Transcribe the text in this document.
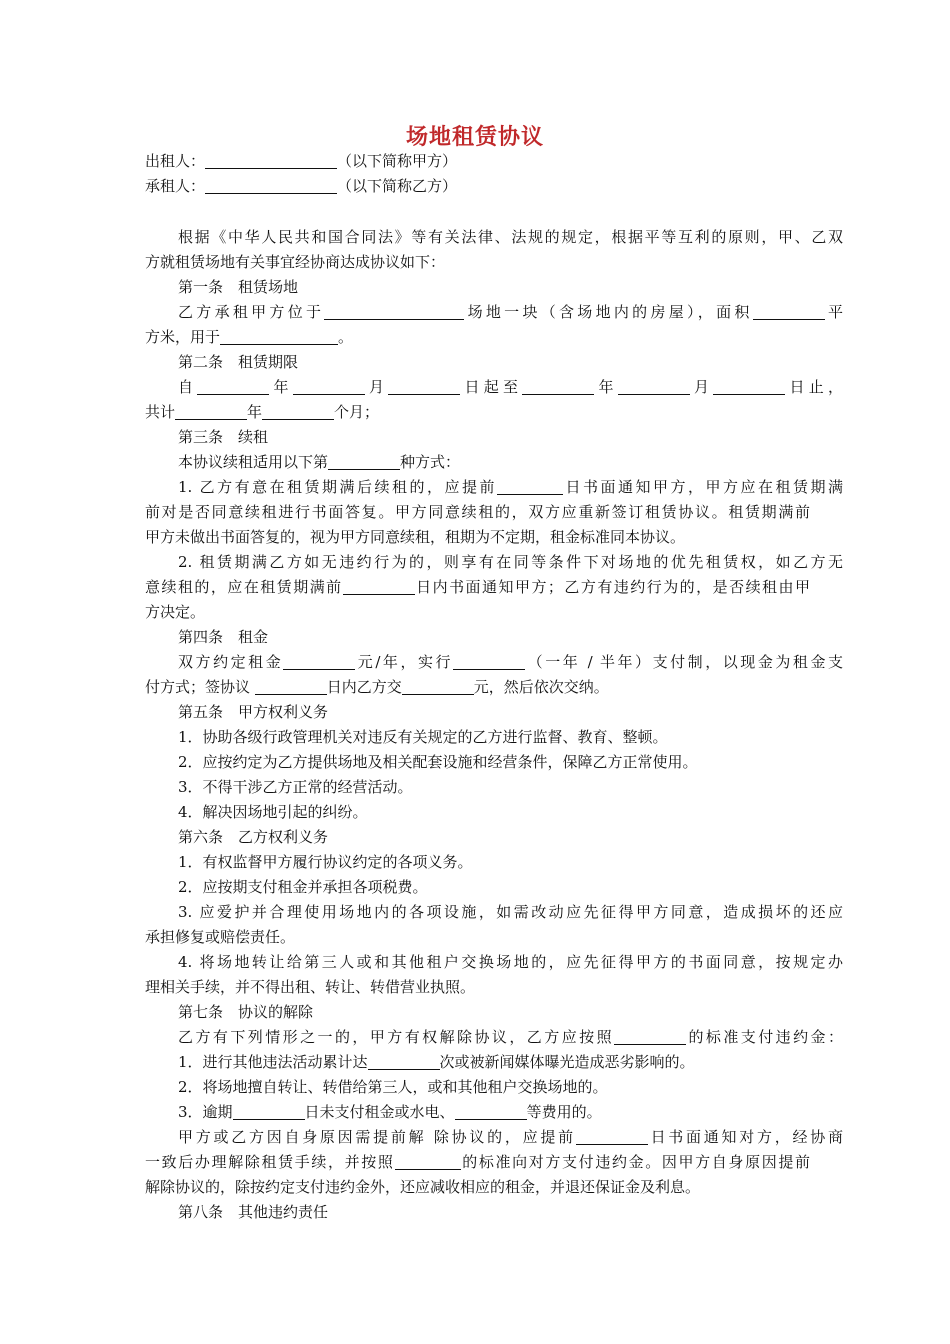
场地租赁协议
出租人：	（以下简称甲方）
承租人：	（以下简称乙方）
根据《中华人民共和国合同法》等有关法律、法规的规定，根据平等互利的原则，甲、乙双
方就租赁场地有关事宜经协商达成协议如下：
第一条　租赁场地
乙方承租甲方位于	场地一块（含场地内的房屋），面积	平
方米，用于	。
第二条　租赁期限
自	年	月	日起至	年	月	日止，
共计	年	个月；
第三条　续租
本协议续租适用以下第	种方式：
1. 乙方有意在租赁期满后续租的，应提前	日书面通知甲方，甲方应在租赁期满
前对是否同意续租进行书面答复。甲方同意续租的，双方应重新签订租赁协议。租赁期满前
甲方未做出书面答复的，视为甲方同意续租，租期为不定期，租金标准同本协议。
2. 租赁期满乙方如无违约行为的，则享有在同等条件下对场地的优先租赁权，如乙方无
意续租的，应在租赁期满前	日内书面通知甲方；乙方有违约行为的，是否续租由甲
方决定。
第四条　租金
双方约定租金	元/年，实行	（一年 / 半年）支付制，以现金为租金支
付方式；签协议	日内乙方交	元，然后依次交纳。
第五条　甲方权利义务
1．协助各级行政管理机关对违反有关规定的乙方进行监督、教育、整顿。
2．应按约定为乙方提供场地及相关配套设施和经营条件，保障乙方正常使用。
3．不得干涉乙方正常的经营活动。
4．解决因场地引起的纠纷。
第六条　乙方权利义务
1．有权监督甲方履行协议约定的各项义务。
2．应按期支付租金并承担各项税费。
3. 应爱护并合理使用场地内的各项设施，如需改动应先征得甲方同意，造成损坏的还应
承担修复或赔偿责任。
4. 将场地转让给第三人或和其他租户交换场地的，应先征得甲方的书面同意，按规定办
理相关手续，并不得出租、转让、转借营业执照。
第七条　协议的解除
乙方有下列情形之一的，甲方有权解除协议，乙方应按照	的标准支付违约金：
1．进行其他违法活动累计达	次或被新闻媒体曝光造成恶劣影响的。
2．将场地擅自转让、转借给第三人，或和其他租户交换场地的。
3．逾期	日未支付租金或水电、	等费用的。
甲方或乙方因自身原因需提前解 除协议的，应提前	日书面通知对方，经协商
一致后办理解除租赁手续，并按照	的标准向对方支付违约金。因甲方自身原因提前
解除协议的，除按约定支付违约金外，还应减收相应的租金，并退还保证金及利息。
第八条　其他违约责任
